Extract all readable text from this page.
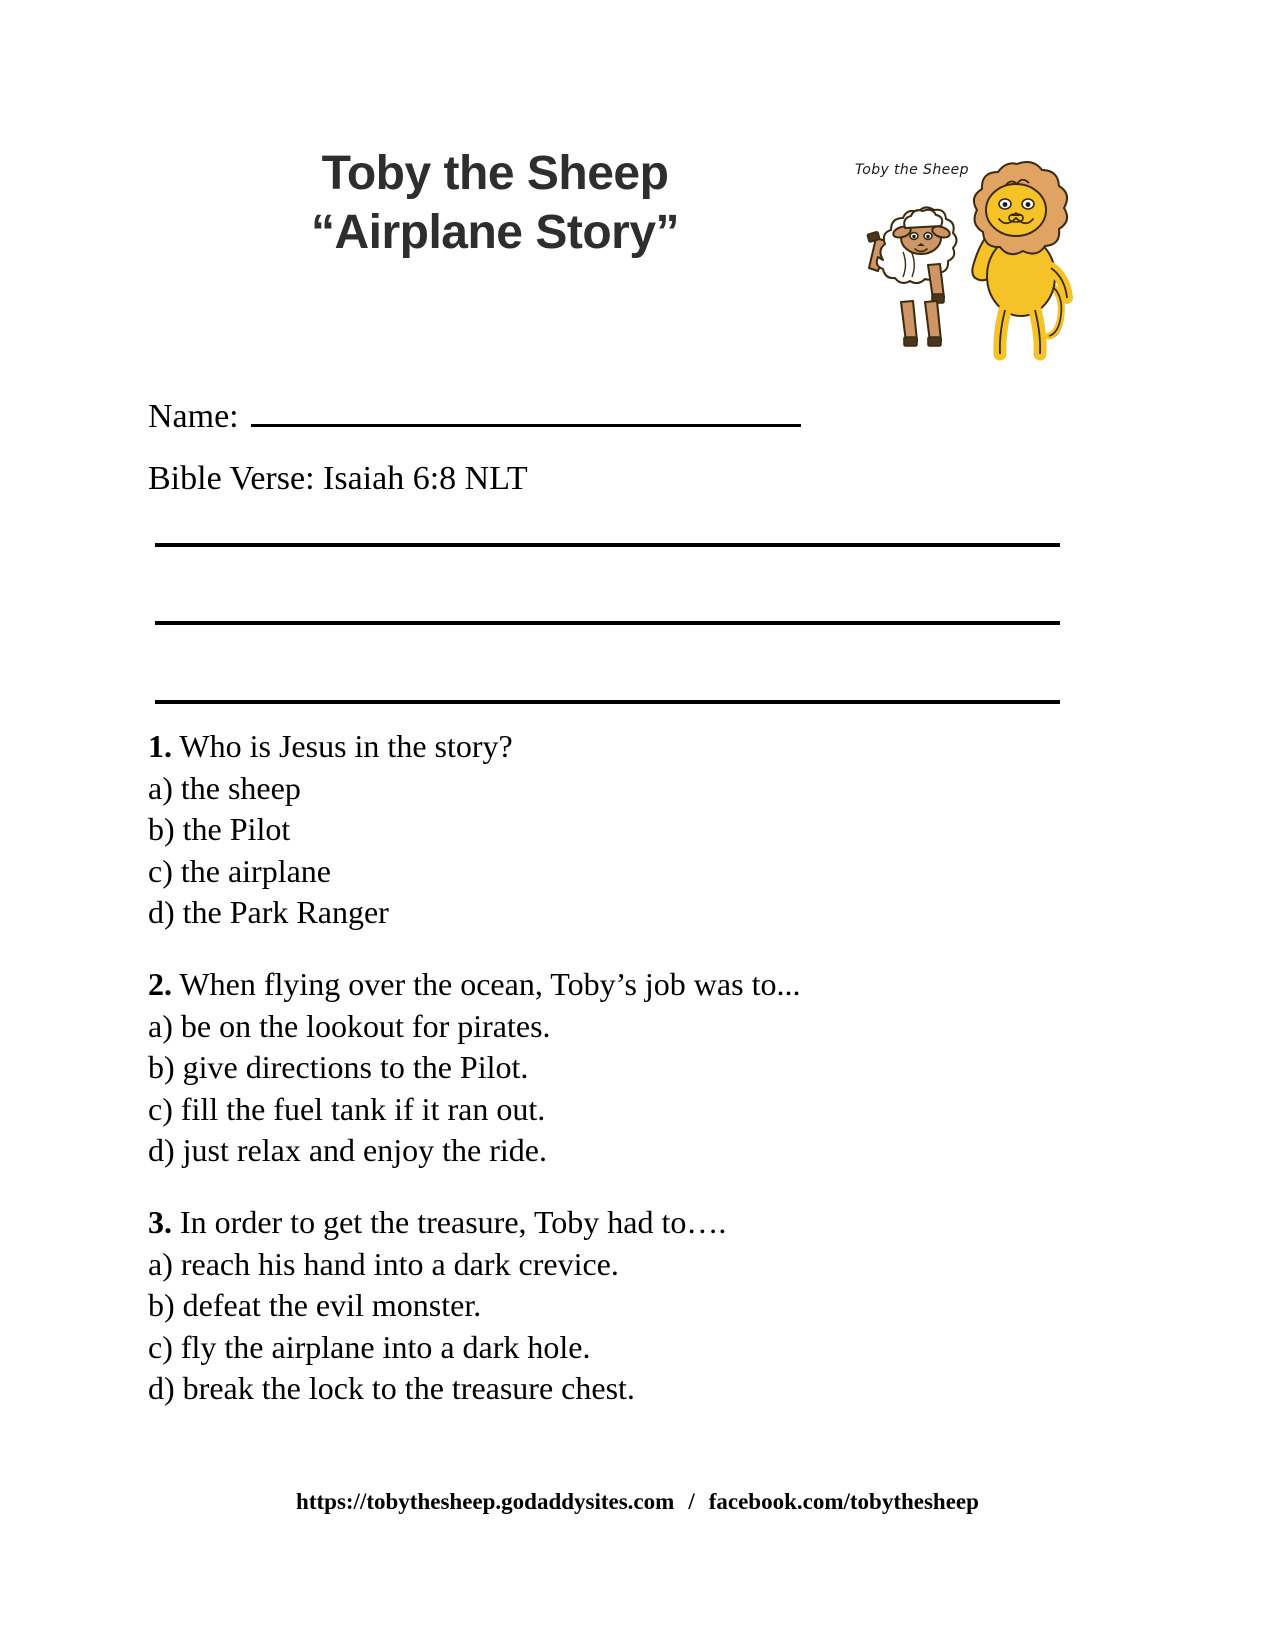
Toby the Sheep
“Airplane Story”
Toby the Sheep
Name:
Bible Verse: Isaiah 6:8 NLT
1. Who is Jesus in the story?
a) the sheep
b) the Pilot
c) the airplane
d) the Park Ranger
2. When flying over the ocean, Toby’s job was to...
a) be on the lookout for pirates.
b) give directions to the Pilot.
c) fill the fuel tank if it ran out.
d) just relax and enjoy the ride.
3. In order to get the treasure, Toby had to….
a) reach his hand into a dark crevice.
b) defeat the evil monster.
c) fly the airplane into a dark hole.
d) break the lock to the treasure chest.
https://tobythesheep.godaddysites.com / facebook.com/tobythesheep
